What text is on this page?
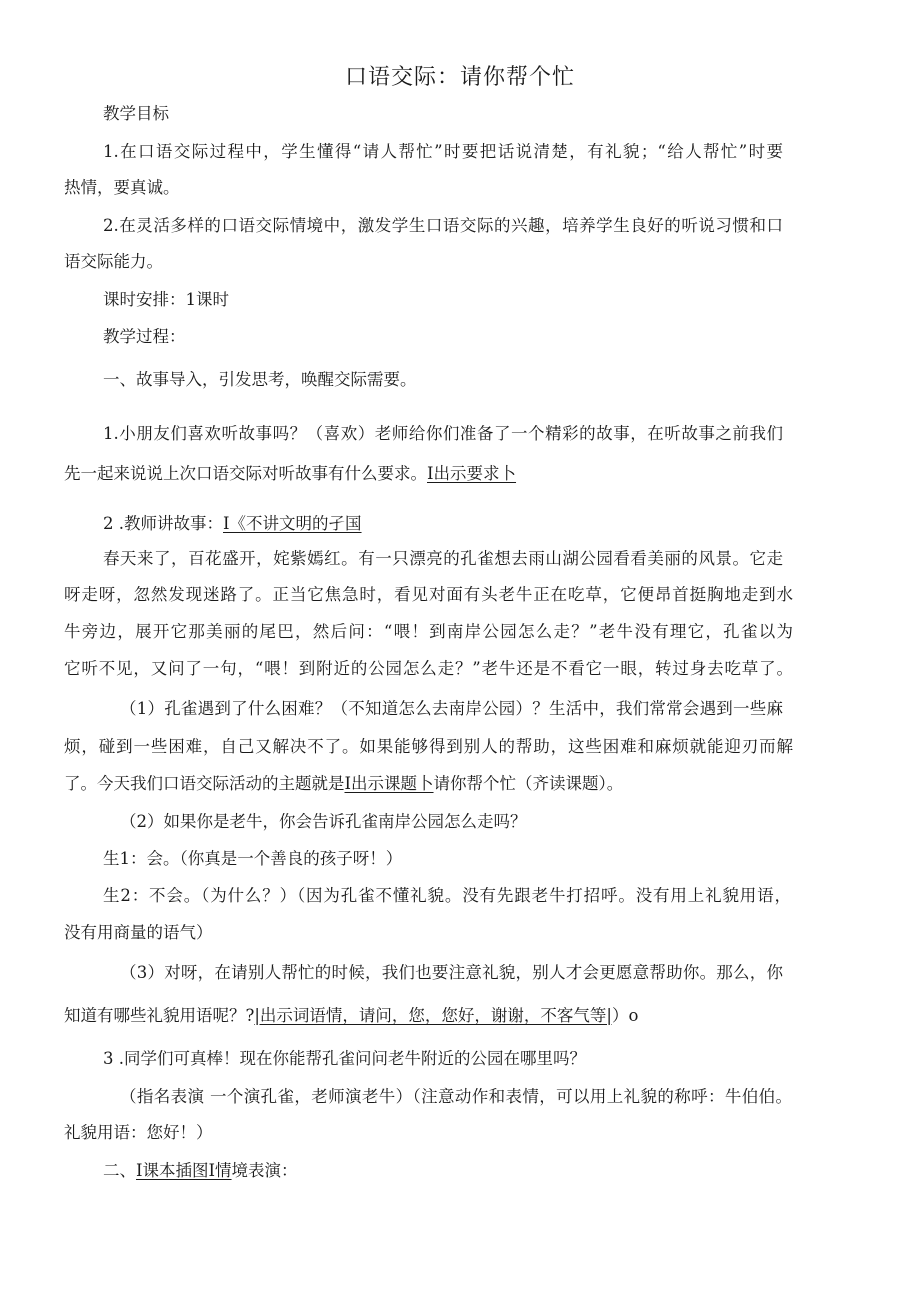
口语交际：请你帮个忙
教学目标
1.在口语交际过程中，学生懂得“请人帮忙”时要把话说清楚，有礼貌；“给人帮忙”时要
热情，要真诚。
2.在灵活多样的口语交际情境中，激发学生口语交际的兴趣，培养学生良好的听说习惯和口
语交际能力。
课时安排：1课时
教学过程：
一、故事导入，引发思考，唤醒交际需要。
1.小朋友们喜欢听故事吗？（喜欢）老师给你们准备了一个精彩的故事，在听故事之前我们
先一起来说说上次口语交际对听故事有什么要求。I出示要求卜
2 .教师讲故事：I《不讲文明的孑国
春天来了，百花盛开，姹紫嫣红。有一只漂亮的孔雀想去雨山湖公园看看美丽的风景。它走
呀走呀，忽然发现迷路了。正当它焦急时，看见对面有头老牛正在吃草，它便昂首挺胸地走到水
牛旁边，展开它那美丽的尾巴，然后问：“喂！到南岸公园怎么走？”老牛没有理它，孔雀以为
它听不见，又问了一句，“喂！到附近的公园怎么走？”老牛还是不看它一眼，转过身去吃草了。
（1）孔雀遇到了什么困难？（不知道怎么去南岸公园）？生活中，我们常常会遇到一些麻
烦，碰到一些困难，自己又解决不了。如果能够得到别人的帮助，这些困难和麻烦就能迎刃而解
了。今天我们口语交际活动的主题就是I出示课题卜请你帮个忙（齐读课题）。
（2）如果你是老牛，你会告诉孔雀南岸公园怎么走吗？
生1：会。（你真是一个善良的孩子呀！）
生2：不会。（为什么？）（因为孔雀不懂礼貌。没有先跟老牛打招呼。没有用上礼貌用语，
没有用商量的语气）
（3）对呀，在请别人帮忙的时候，我们也要注意礼貌，别人才会更愿意帮助你。那么，你
知道有哪些礼貌用语呢？?|出示词语情，请问，您，您好，谢谢，不客气等|）o
3 .同学们可真棒！现在你能帮孔雀问问老牛附近的公园在哪里吗？
（指名表演 一个演孔雀，老师演老牛）（注意动作和表情，可以用上礼貌的称呼：牛伯伯。
礼貌用语：您好！）
二、I课本插图I情境表演：
